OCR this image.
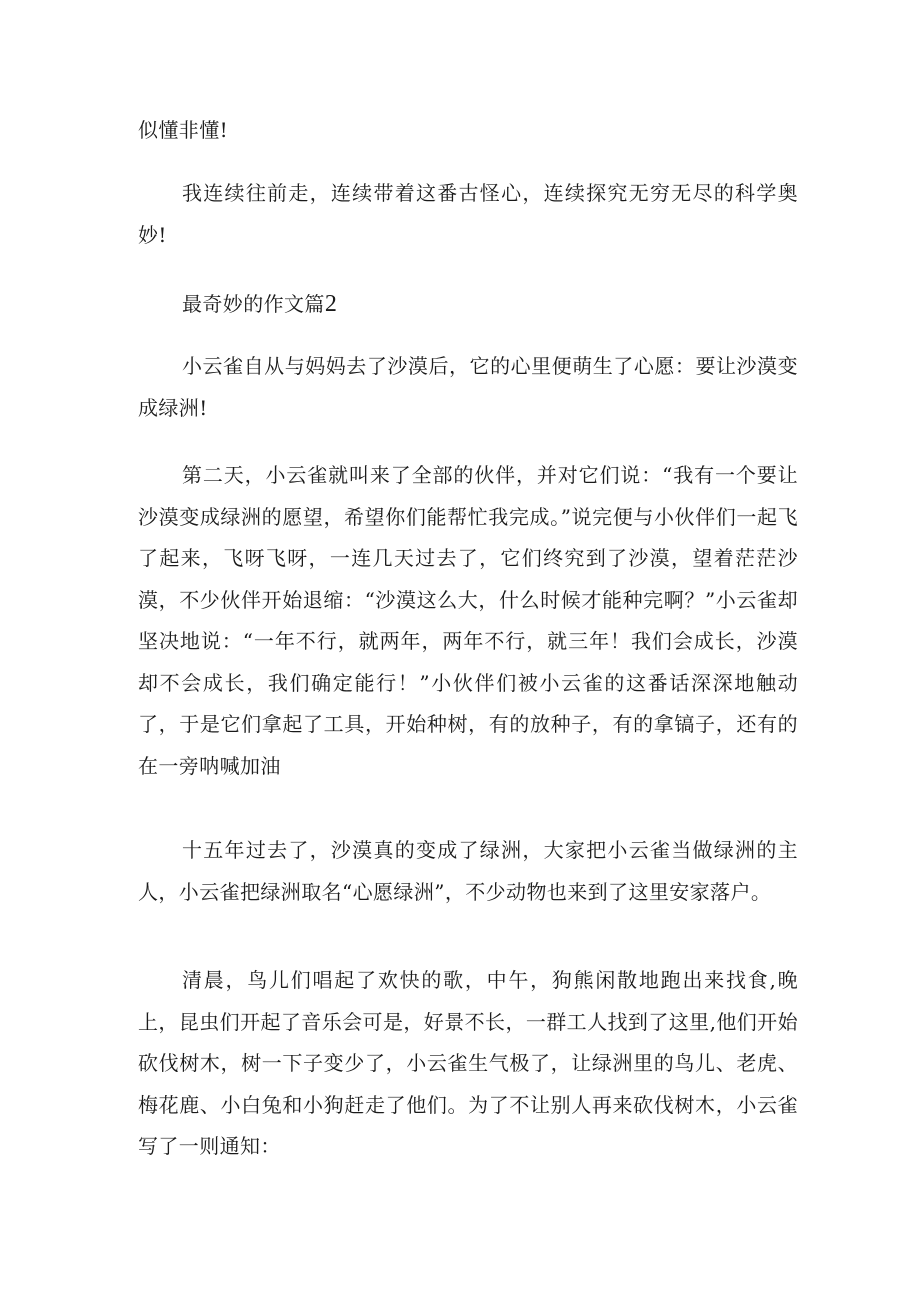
似懂非懂!

我连续往前走，连续带着这番古怪心，连续探究无穷无尽的科学奥妙!

最奇妙的作文篇2

小云雀自从与妈妈去了沙漠后，它的心里便萌生了心愿：要让沙漠变成绿洲!

第二天，小云雀就叫来了全部的伙伴，并对它们说：“我有一个要让沙漠变成绿洲的愿望，希望你们能帮忙我完成。”说完便与小伙伴们一起飞了起来，飞呀飞呀，一连几天过去了，它们终究到了沙漠，望着茫茫沙漠，不少伙伴开始退缩：“沙漠这么大，什么时候才能种完啊？”小云雀却坚决地说：“一年不行，就两年，两年不行，就三年！我们会成长，沙漠却不会成长，我们确定能行！”小伙伴们被小云雀的这番话深深地触动了，于是它们拿起了工具，开始种树，有的放种子，有的拿镐子，还有的在一旁呐喊加油

十五年过去了，沙漠真的变成了绿洲，大家把小云雀当做绿洲的主人，小云雀把绿洲取名“心愿绿洲”，不少动物也来到了这里安家落户。

清晨，鸟儿们唱起了欢快的歌，中午，狗熊闲散地跑出来找食,晚上，昆虫们开起了音乐会可是，好景不长，一群工人找到了这里,他们开始砍伐树木，树一下子变少了，小云雀生气极了，让绿洲里的鸟儿、老虎、梅花鹿、小白兔和小狗赶走了他们。为了不让别人再来砍伐树木，小云雀写了一则通知：
